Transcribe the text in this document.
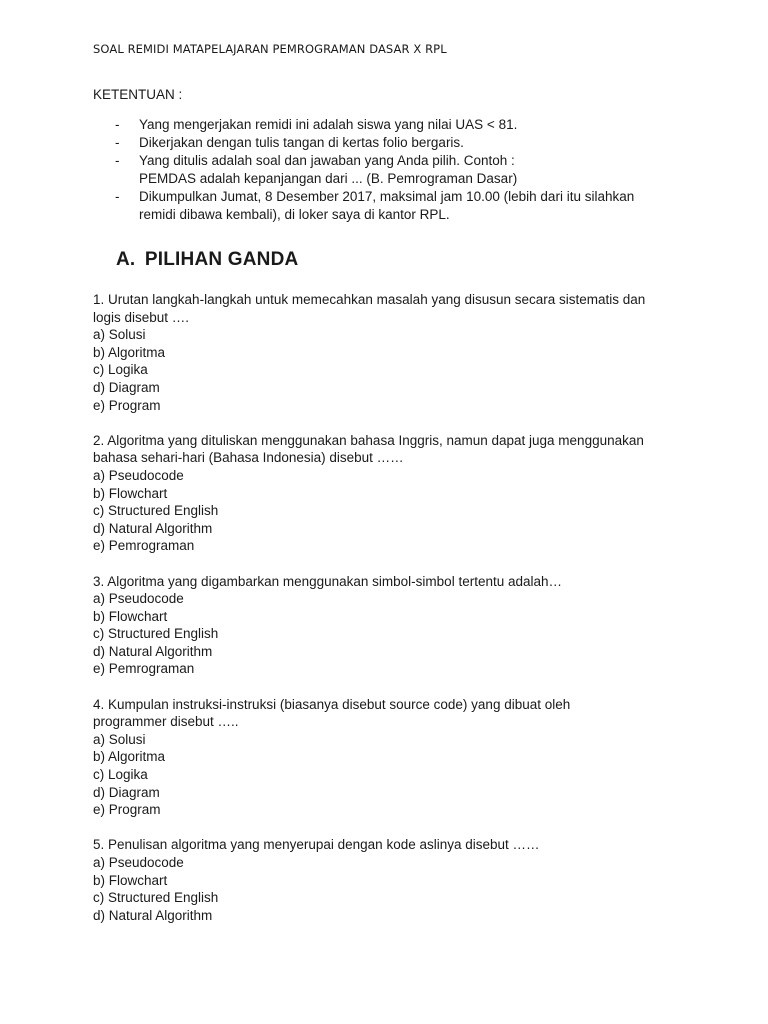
SOAL REMIDI MATAPELAJARAN PEMROGRAMAN DASAR X RPL
KETENTUAN :
- Yang mengerjakan remidi ini adalah siswa yang nilai UAS < 81.
- Dikerjakan dengan tulis tangan di kertas folio bergaris.
- Yang ditulis adalah soal dan jawaban yang Anda pilih. Contoh :
PEMDAS adalah kepanjangan dari ... (B. Pemrograman Dasar)
- Dikumpulkan Jumat, 8 Desember 2017, maksimal jam 10.00 (lebih dari itu silahkan
remidi dibawa kembali), di loker saya di kantor RPL.
A. PILIHAN GANDA
1. Urutan langkah-langkah untuk memecahkan masalah yang disusun secara sistematis dan
logis disebut ….
a) Solusi
b) Algoritma
c) Logika
d) Diagram
e) Program
2. Algoritma yang dituliskan menggunakan bahasa Inggris, namun dapat juga menggunakan
bahasa sehari-hari (Bahasa Indonesia) disebut ……
a) Pseudocode
b) Flowchart
c) Structured English
d) Natural Algorithm
e) Pemrograman
3. Algoritma yang digambarkan menggunakan simbol-simbol tertentu adalah…
a) Pseudocode
b) Flowchart
c) Structured English
d) Natural Algorithm
e) Pemrograman
4. Kumpulan instruksi-instruksi (biasanya disebut source code) yang dibuat oleh
programmer disebut …..
a) Solusi
b) Algoritma
c) Logika
d) Diagram
e) Program
5. Penulisan algoritma yang menyerupai dengan kode aslinya disebut ……
a) Pseudocode
b) Flowchart
c) Structured English
d) Natural Algorithm
